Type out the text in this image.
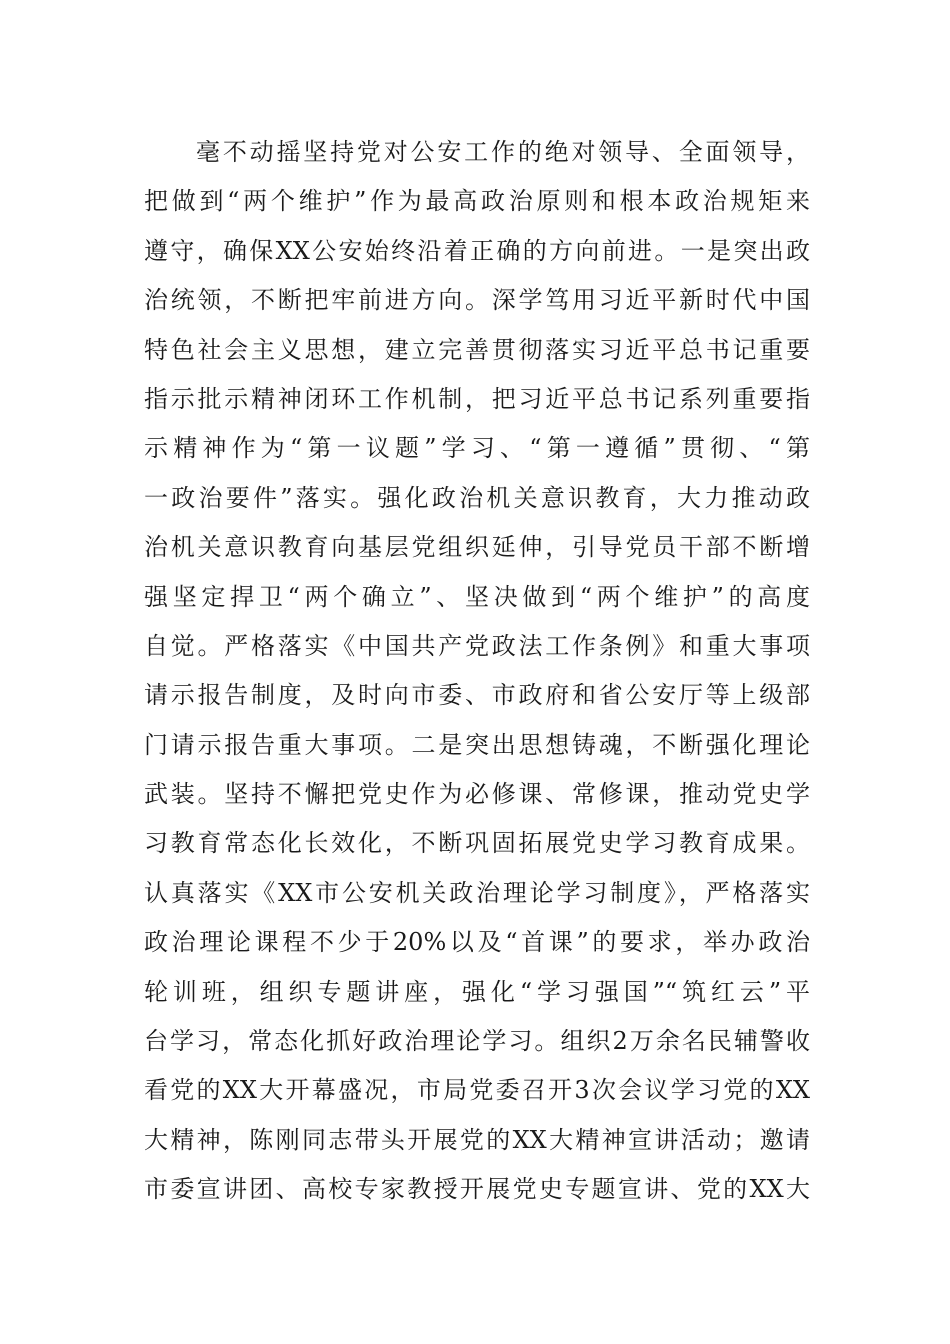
毫不动摇坚持党对公安工作的绝对领导、全面领导，
把做到“两个维护”作为最高政治原则和根本政治规矩来
遵守，确保XX公安始终沿着正确的方向前进。一是突出政
治统领，不断把牢前进方向。深学笃用习近平新时代中国
特色社会主义思想，建立完善贯彻落实习近平总书记重要
指示批示精神闭环工作机制，把习近平总书记系列重要指
示精神作为“第一议题”学习、“第一遵循”贯彻、“第
一政治要件”落实。强化政治机关意识教育，大力推动政
治机关意识教育向基层党组织延伸，引导党员干部不断增
强坚定捍卫“两个确立”、坚决做到“两个维护”的高度
自觉。严格落实《中国共产党政法工作条例》和重大事项
请示报告制度，及时向市委、市政府和省公安厅等上级部
门请示报告重大事项。二是突出思想铸魂，不断强化理论
武装。坚持不懈把党史作为必修课、常修课，推动党史学
习教育常态化长效化，不断巩固拓展党史学习教育成果。
认真落实《XX市公安机关政治理论学习制度》，严格落实
政治理论课程不少于20%以及“首课”的要求，举办政治
轮训班，组织专题讲座，强化“学习强国”“筑红云”平
台学习，常态化抓好政治理论学习。组织2万余名民辅警收
看党的XX大开幕盛况，市局党委召开3次会议学习党的XX
大精神，陈刚同志带头开展党的XX大精神宣讲活动；邀请
市委宣讲团、高校专家教授开展党史专题宣讲、党的XX大
